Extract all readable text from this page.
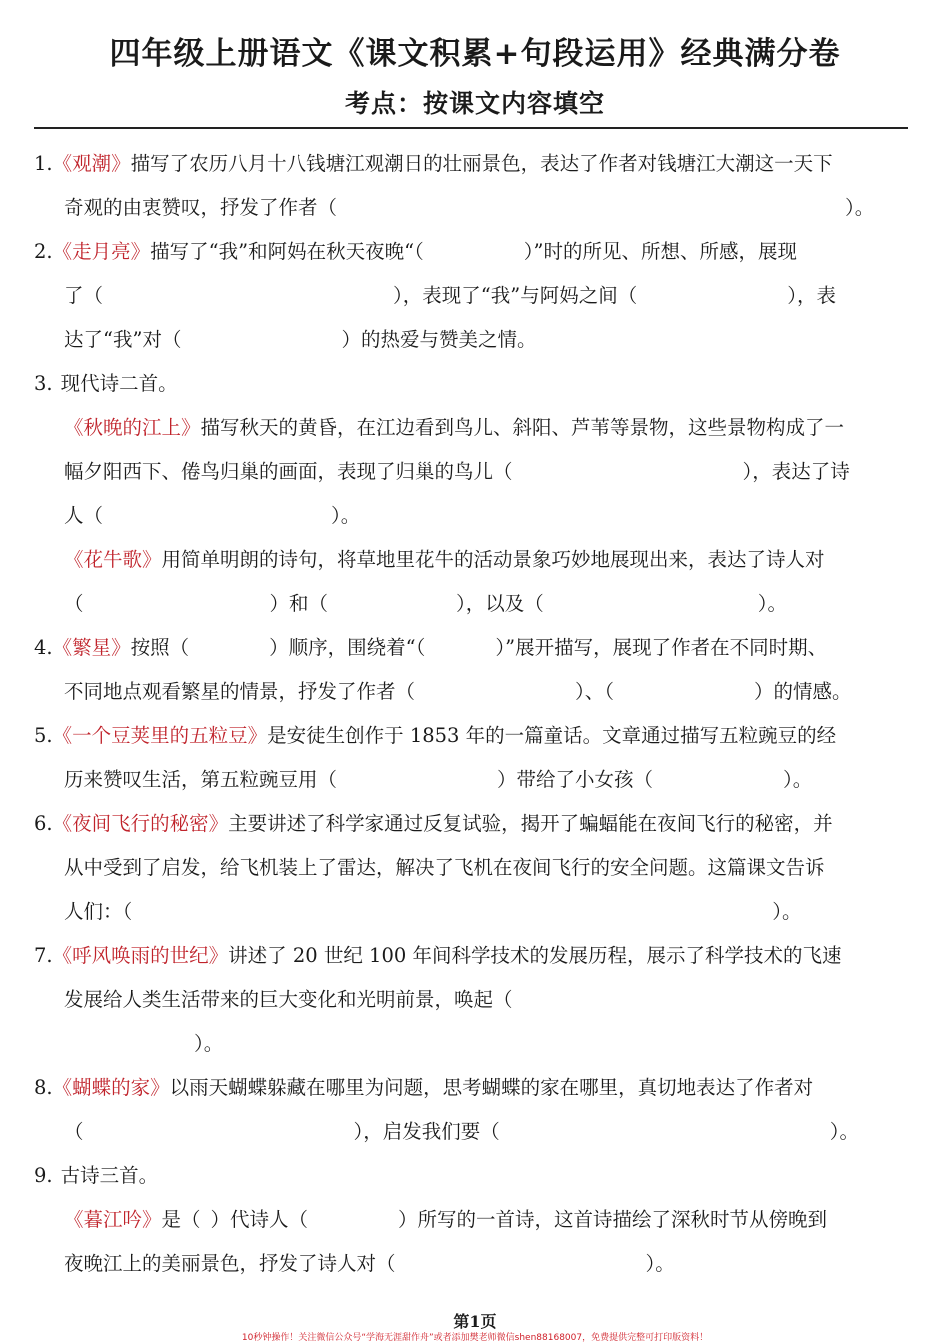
四年级上册语文《课文积累+句段运用》经典满分卷
考点：按课文内容填空
1.《观潮》描写了农历八月十八钱塘江观潮日的壮丽景色，表达了作者对钱塘江大潮这一天下
奇观的由衷赞叹，抒发了作者（	）。
2. 《走月亮》 描写了“我”和阿妈在秋天夜晚“（	）”时的所见、所想、所感，展现
了（	），表现了“我”与阿妈之间（	），表
达了“我”对（	）的热爱与赞美之情。
3. 现代诗二首。
《秋晚的江上》 描写秋天的黄昏，在江边看到鸟儿、斜阳、芦苇等景物，这些景物构成了一
幅夕阳西下、倦鸟归巢的画面，表现了归巢的鸟儿（	），表达了诗
人（	）。
《花牛歌》 用简单明朗的诗句，将草地里花牛的活动景象巧妙地展现出来，表达了诗人对
（	）和（	），以及（	）。
4. 《繁星》 按照（	）顺序，围绕着“（	）”展开描写，展现了作者在不同时期、
不同地点观看繁星的情景，抒发了作者（	）、（	）的情感。
5. 《一个豆荚里的五粒豆》 是安徒生创作于 1853 年的一篇童话。文章通过描写五粒豌豆的经
历来赞叹生活，第五粒豌豆用（	）带给了小女孩（	）。
6. 《夜间飞行的秘密》 主要讲述了科学家通过反复试验，揭开了蝙蝠能在夜间飞行的秘密，并
从中受到了启发，给飞机装上了雷达，解决了飞机在夜间飞行的安全问题。这篇课文告诉
人们：（	）。
7. 《呼风唤雨的世纪》 讲述了 20 世纪 100 年间科学技术的发展历程，展示了科学技术的飞速
发展给人类生活带来的巨大变化和光明前景，唤起（
）。
8. 《蝴蝶的家》 以雨天蝴蝶躲藏在哪里为问题，思考蝴蝶的家在哪里，真切地表达了作者对
（	），启发我们要（	）。
9. 古诗三首。
《暮江吟》 是（ ）代诗人（	）所写的一首诗，这首诗描绘了深秋时节从傍晚到
夜晚江上的美丽景色，抒发了诗人对（	）。
第1页
10秒钟操作！关注微信公众号“学海无涯甜作舟”或者添加樊老师微信shen88168007，免费提供完整可打印版资料！
